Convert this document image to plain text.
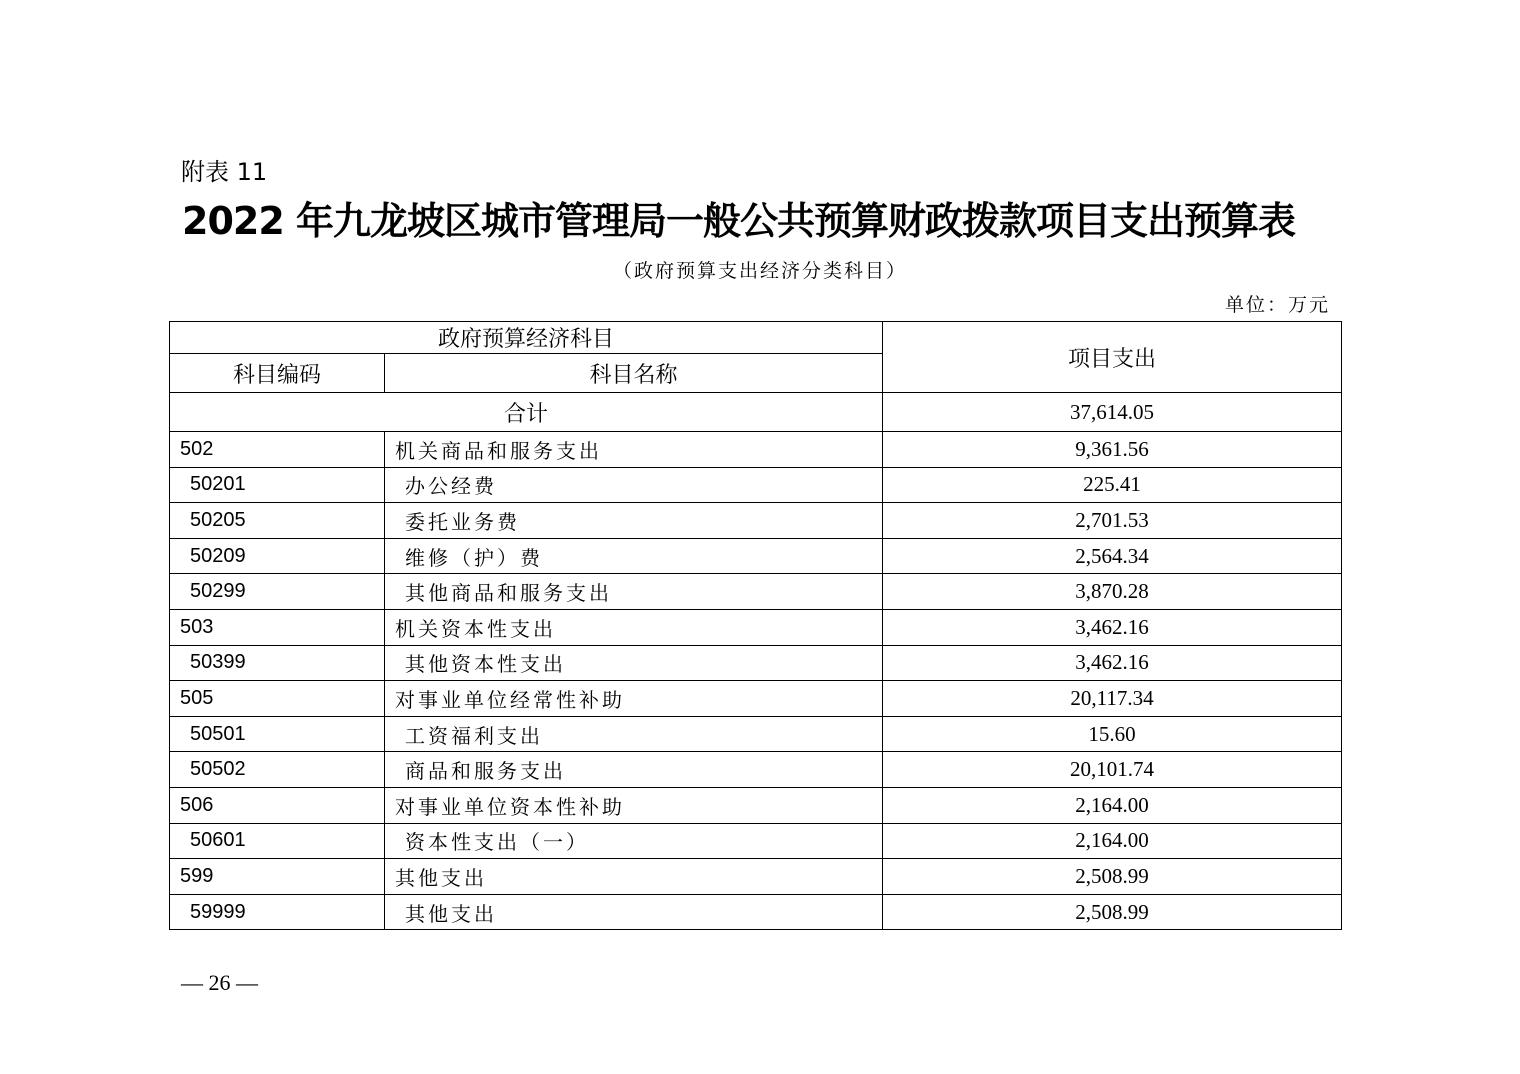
附表 11
2022 年九龙坡区城市管理局一般公共预算财政拨款项目支出预算表
（政府预算支出经济分类科目）
单位：万元
政府预算经济科目		项目支出
科目编码	科目名称	
合计		37,614.05
502	机关商品和服务支出	9,361.56
50201	办公经费	225.41
50205	委托业务费	2,701.53
50209	维修（护）费	2,564.34
50299	其他商品和服务支出	3,870.28
503	机关资本性支出	3,462.16
50399	其他资本性支出	3,462.16
505	对事业单位经常性补助	20,117.34
50501	工资福利支出	15.60
50502	商品和服务支出	20,101.74
506	对事业单位资本性补助	2,164.00
50601	资本性支出（一）	2,164.00
599	其他支出	2,508.99
59999	其他支出	2,508.99
— 26 —
